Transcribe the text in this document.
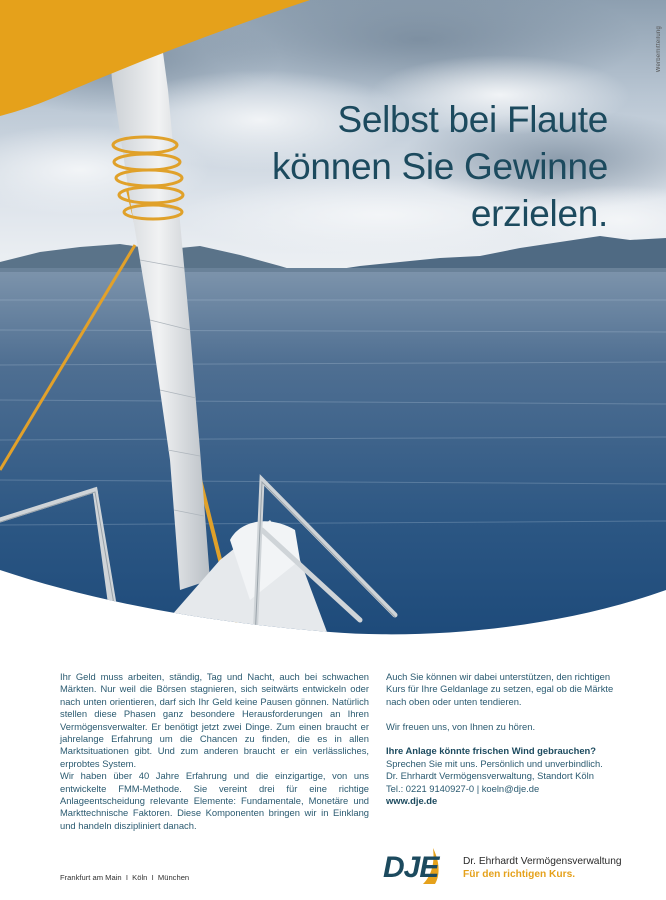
Werbemitteilung
Selbst bei Flaute
können Sie Gewinne
erzielen.

Ihr Geld muss arbeiten, ständig, Tag und Nacht, auch bei schwachen Märkten. Nur weil die Börsen stagnieren, sich seitwärts entwickeln oder nach unten orientieren, darf sich Ihr Geld keine Pausen gönnen. Natürlich stellen diese Phasen ganz besondere Herausforderungen an Ihren Vermögensverwalter. Er benötigt jetzt zwei Dinge. Zum einen braucht er jahrelange Erfahrung um die Chancen zu finden, die es in allen Marktsituationen gibt. Und zum anderen braucht er ein verlässliches, erprobtes System.

Wir haben über 40 Jahre Erfahrung und die einzigartige, von uns entwickelte FMM-Methode. Sie vereint drei für eine richtige Anlageentscheidung relevante Elemente: Fundamentale, Monetäre und Markttechnische Faktoren. Diese Komponenten bringen wir in Einklang und handeln diszipliniert danach.

Auch Sie können wir dabei unterstützen, den richtigen Kurs für Ihre Geldanlage zu setzen, egal ob die Märkte nach oben oder unten tendieren.

Wir freuen uns, von Ihnen zu hören.

Ihre Anlage könnte frischen Wind gebrauchen?

Sprechen Sie mit uns. Persönlich und unverbindlich.

Dr. Ehrhardt Vermögensverwaltung, Standort Köln

Tel.: 0221 9140927-0 | koeln@dje.de

www.dje.de

Frankfurt am Main  I  Köln  I  München	DJE Dr. Ehrhardt Vermögensverwaltung
Für den richtigen Kurs.
